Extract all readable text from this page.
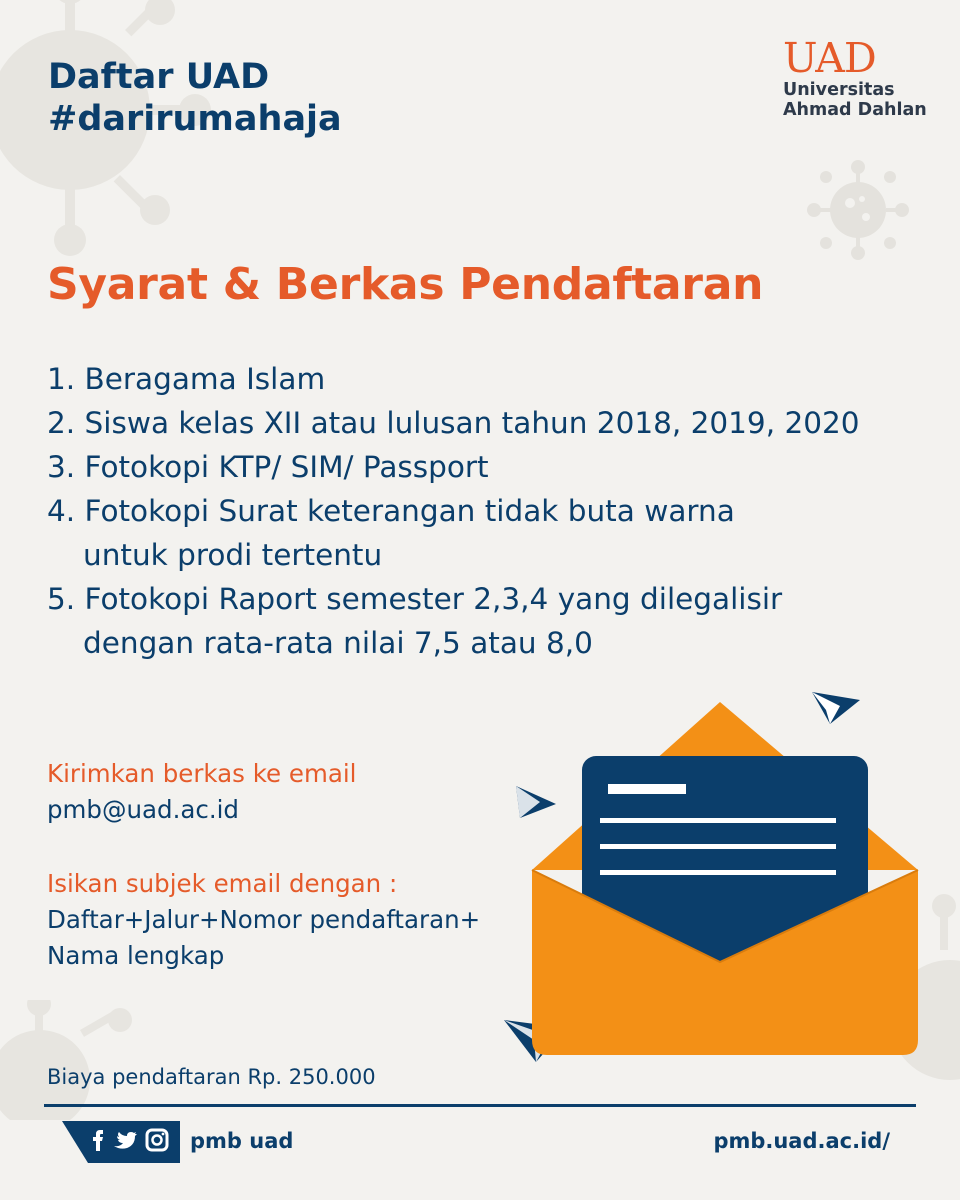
Daftar UAD
#darirumahaja
UAD
Universitas
Ahmad Dahlan
Syarat & Berkas Pendaftaran
1. Beragama Islam
2. Siswa kelas XII atau lulusan tahun 2018, 2019, 2020
3. Fotokopi KTP/ SIM/ Passport
4. Fotokopi Surat keterangan tidak buta warna
untuk prodi tertentu
5. Fotokopi Raport semester 2,3,4 yang dilegalisir
dengan rata-rata nilai 7,5 atau 8,0
Kirimkan berkas ke email
pmb@uad.ac.id
Isikan subjek email dengan :
Daftar+Jalur+Nomor pendaftaran+
Nama lengkap
Biaya pendaftaran Rp. 250.000
pmb uad	pmb.uad.ac.id/
